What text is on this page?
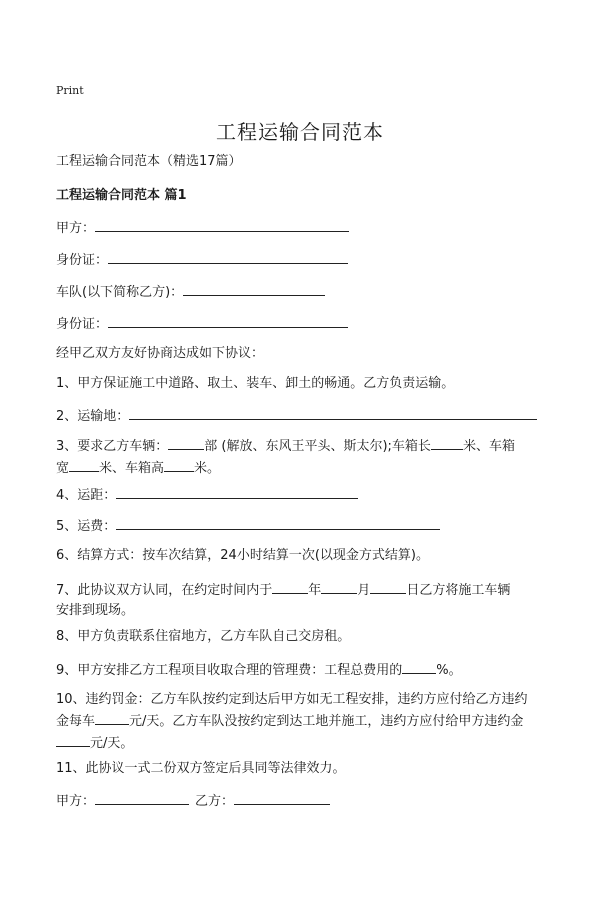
Print
工程运输合同范本
工程运输合同范本（精选17篇）
工程运输合同范本 篇1
甲方：
身份证：
车队(以下简称乙方)：
身份证：
经甲乙双方友好协商达成如下协议：
1、甲方保证施工中道路、取土、装车、卸土的畅通。乙方负责运输。
2、运输地：
3、要求乙方车辆：	部 (解放、东风王平头、斯太尔);车箱长 米、车箱
宽 米、车箱高 米。
4、运距：
5、运费：
6、结算方式：按车次结算，24小时结算一次(以现金方式结算)。
7、此协议双方认同，在约定时间内于	年	月	日乙方将施工车辆
安排到现场。
8、甲方负责联系住宿地方，乙方车队自己交房租。
9、甲方安排乙方工程项目收取合理的管理费：工程总费用的	%。
10、违约罚金：乙方车队按约定到达后甲方如无工程安排，违约方应付给乙方违约
金每车	元/天。乙方车队没按约定到达工地并施工，违约方应付给甲方违约金
元/天。
11、此协议一式二份双方签定后具同等法律效力。
甲方：	乙方：
